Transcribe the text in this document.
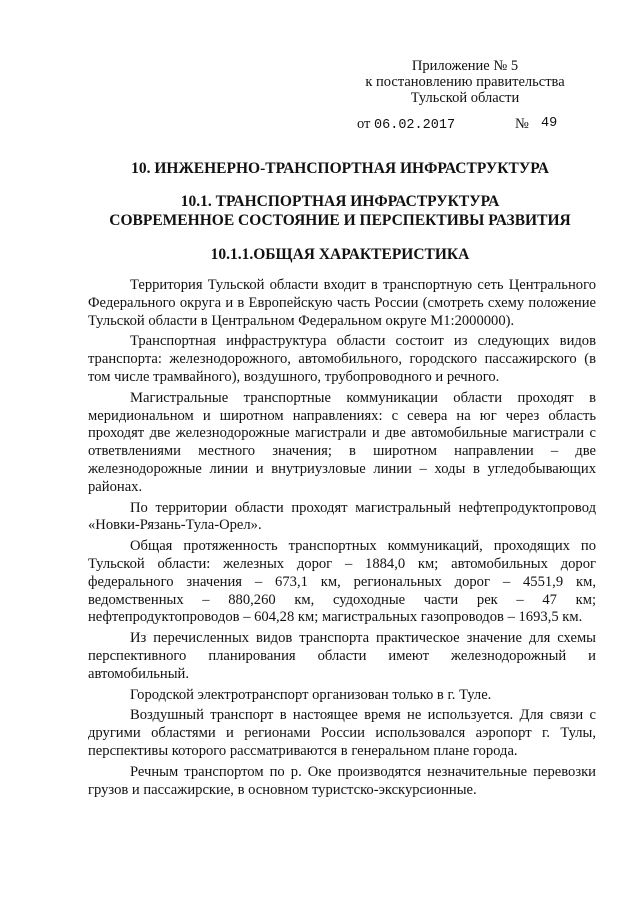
Приложение № 5
к постановлению правительства
Тульской области
от 06.02.2017	№ 49
10. ИНЖЕНЕРНО-ТРАНСПОРТНАЯ ИНФРАСТРУКТУРА
10.1. ТРАНСПОРТНАЯ ИНФРАСТРУКТУРА
СОВРЕМЕННОЕ СОСТОЯНИЕ И ПЕРСПЕКТИВЫ РАЗВИТИЯ
10.1.1.ОБЩАЯ ХАРАКТЕРИСТИКА

Территория Тульской области входит в транспортную сеть Центрального Федерального округа и в Европейскую часть России (смотреть схему положение Тульской области в Центральном Федеральном округе М1:2000000).

Транспортная инфраструктура области состоит из следующих видов транспорта: железнодорожного, автомобильного, городского пассажирского (в том числе трамвайного), воздушного, трубопроводного и речного.

Магистральные транспортные коммуникации области проходят в меридиональном и широтном направлениях: с севера на юг через область проходят две железнодорожные магистрали и две автомобильные магистрали с ответвлениями местного значения; в широтном направлении – две железнодорожные линии и внутриузловые линии – ходы в угледобывающих районах.

По территории области проходят магистральный нефтепродуктопровод «Новки-Рязань-Тула-Орел».

Общая протяженность транспортных коммуникаций, проходящих по Тульской области: железных дорог – 1884,0 км; автомобильных дорог федерального значения – 673,1 км, региональных дорог – 4551,9 км, ведомственных – 880,260 км, судоходные части рек – 47 км; нефтепродуктопроводов – 604,28 км; магистральных газопроводов – 1693,5 км.

Из перечисленных видов транспорта практическое значение для схемы перспективного планирования области имеют железнодорожный и автомобильный.

Городской электротранспорт организован только в г. Туле.

Воздушный транспорт в настоящее время не используется. Для связи с другими областями и регионами России использовался аэропорт г. Тулы, перспективы которого рассматриваются в генеральном плане города.

Речным транспортом по р. Оке производятся незначительные перевозки грузов и пассажирские, в основном туристско-экскурсионные.
